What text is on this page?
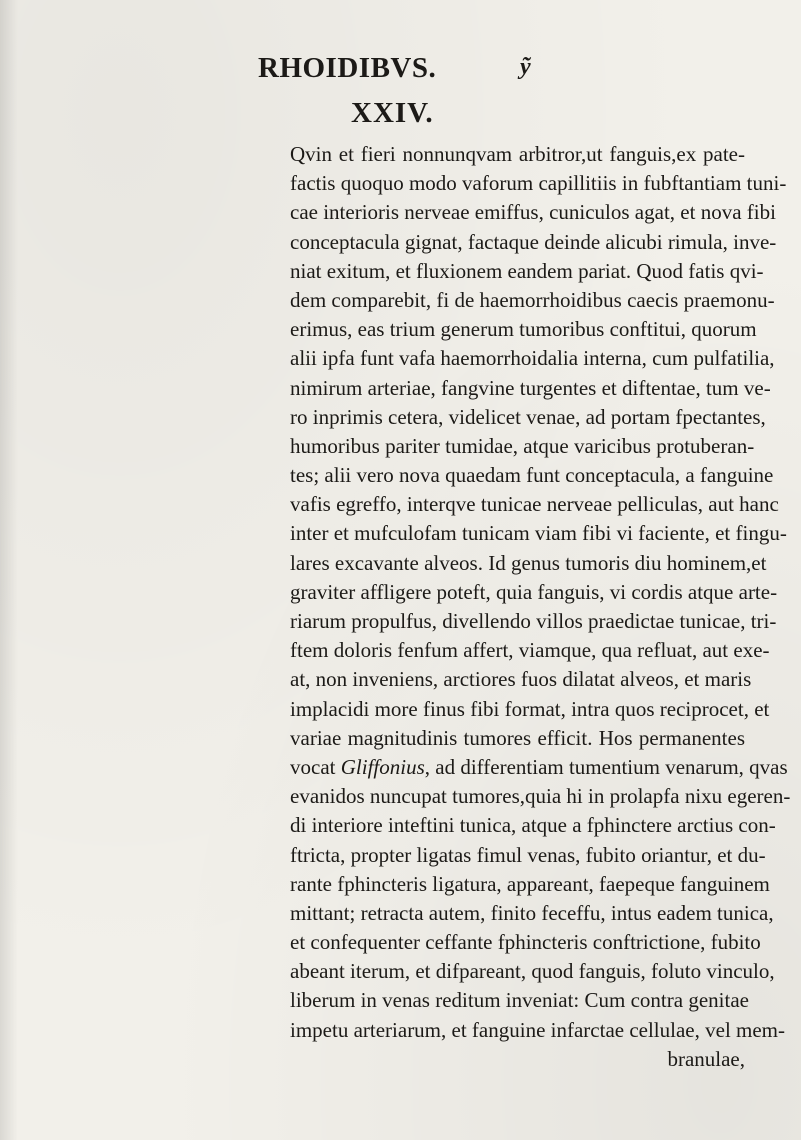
RHOIDIBVS.	ỹ
XXIV.
Qvin et fieri nonnunqvam arbitror,ut fanguis,ex pate-
factis quoquo modo vaforum capillitiis in fubftantiam tuni-
cae interioris nerveae emiffus, cuniculos agat, et nova fibi
conceptacula gignat, factaque deinde alicubi rimula, inve-
niat exitum, et fluxionem eandem pariat. Quod fatis qvi-
dem comparebit, fi de haemorrhoidibus caecis praemonu-
erimus, eas trium generum tumoribus conftitui, quorum
alii ipfa funt vafa haemorrhoidalia interna, cum pulfatilia,
nimirum arteriae, fangvine turgentes et diftentae, tum ve-
ro inprimis cetera, videlicet venae, ad portam fpectantes,
humoribus pariter tumidae, atque varicibus protuberan-
tes; alii vero nova quaedam funt conceptacula, a fanguine
vafis egreffo, interqve tunicae nerveae pelliculas, aut hanc
inter et mufculofam tunicam viam fibi vi faciente, et fingu-
lares excavante alveos. Id genus tumoris diu hominem,et
graviter affligere poteft, quia fanguis, vi cordis atque arte-
riarum propulfus, divellendo villos praedictae tunicae, tri-
ftem doloris fenfum affert, viamque, qua refluat, aut exe-
at, non inveniens, arctiores fuos dilatat alveos, et maris
implacidi more finus fibi format, intra quos reciprocet, et
variae magnitudinis tumores efficit. Hos permanentes
vocat Gliffonius, ad differentiam tumentium venarum, qvas
evanidos nuncupat tumores,quia hi in prolapfa nixu egeren-
di interiore inteftini tunica, atque a fphinctere arctius con-
ftricta, propter ligatas fimul venas, fubito oriantur, et du-
rante fphincteris ligatura, appareant, faepeque fanguinem
mittant; retracta autem, finito feceffu, intus eadem tunica,
et confequenter ceffante fphincteris conftrictione, fubito
abeant iterum, et difpareant, quod fanguis, foluto vinculo,
liberum in venas reditum inveniat: Cum contra genitae
impetu arteriarum, et fanguine infarctae cellulae, vel mem-
branulae,
